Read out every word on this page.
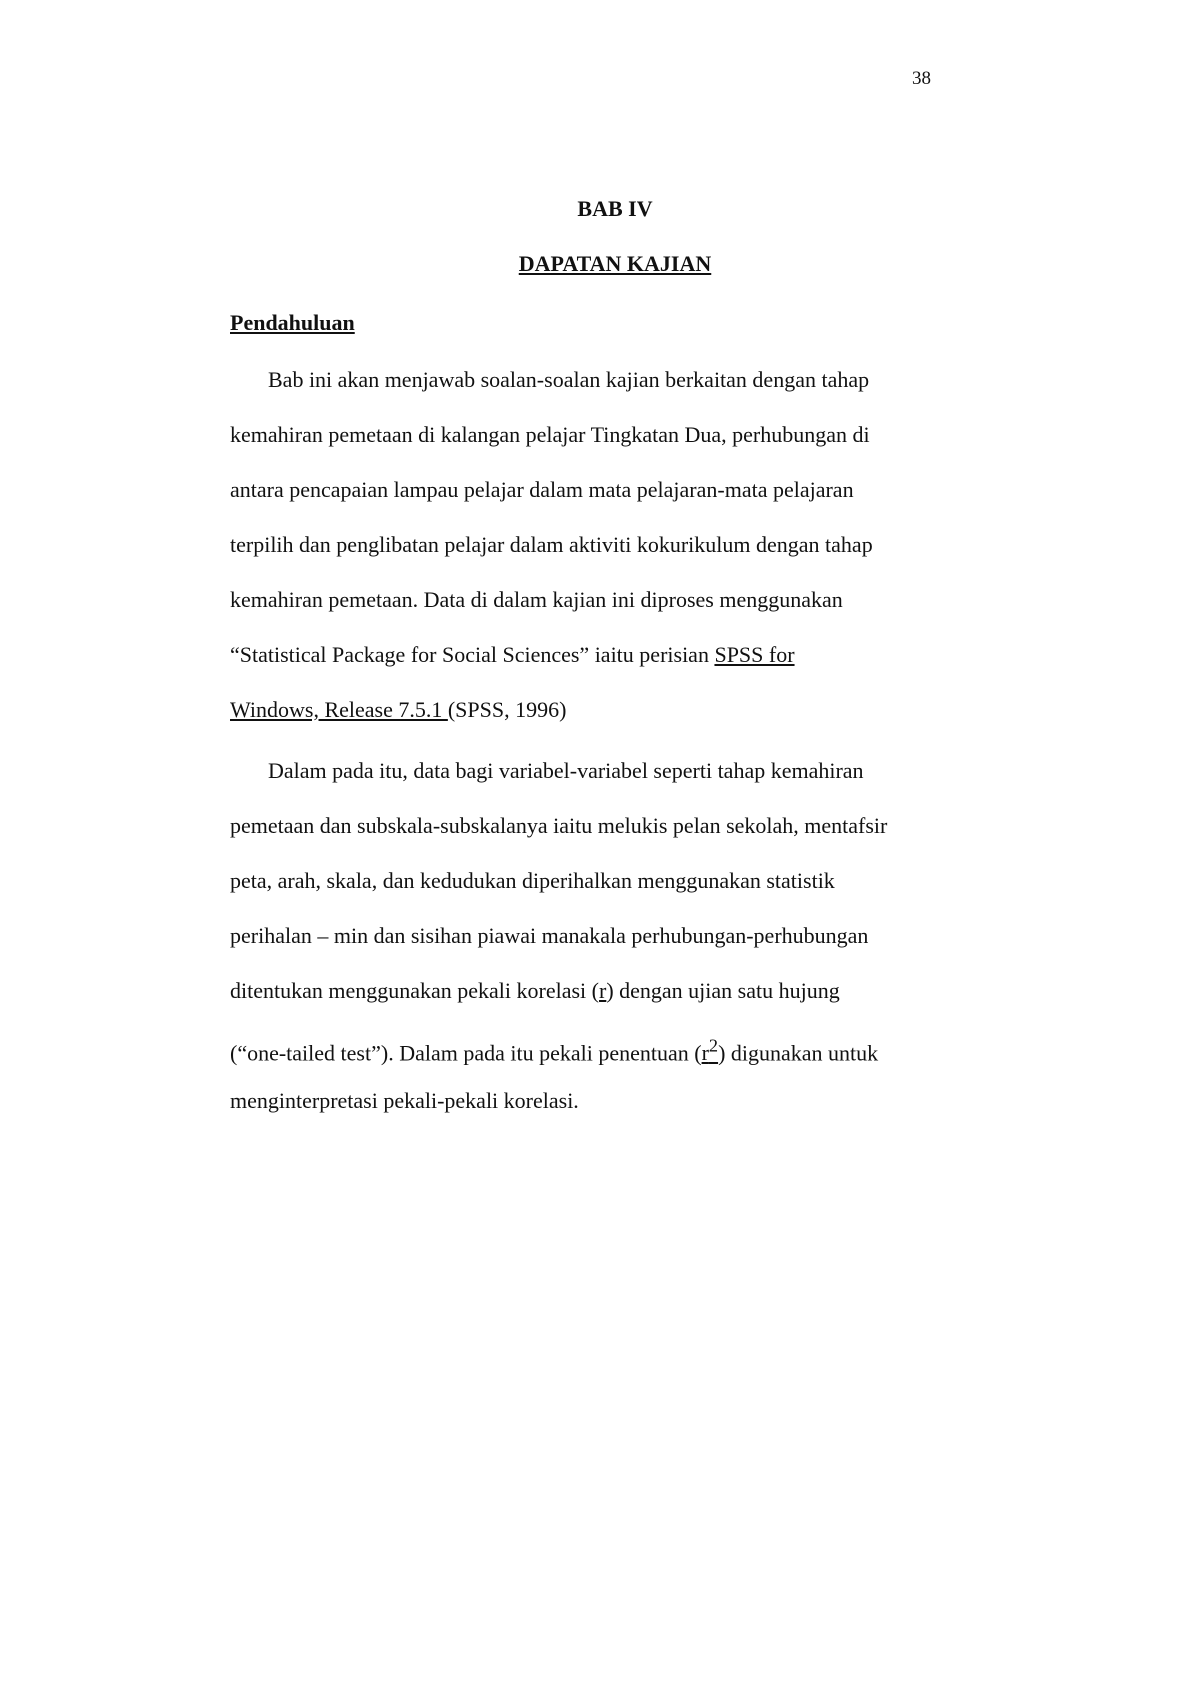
38
BAB IV
DAPATAN KAJIAN
Pendahuluan
Bab ini akan menjawab soalan-soalan kajian berkaitan dengan tahap
kemahiran pemetaan di kalangan pelajar Tingkatan Dua, perhubungan di
antara pencapaian lampau pelajar dalam mata pelajaran-mata pelajaran
terpilih dan penglibatan pelajar dalam aktiviti kokurikulum dengan tahap
kemahiran pemetaan. Data di dalam kajian ini diproses menggunakan
“Statistical Package for Social Sciences” iaitu perisian SPSS for
Windows, Release 7.5.1 (SPSS, 1996)
Dalam pada itu, data bagi variabel-variabel seperti tahap kemahiran
pemetaan dan subskala-subskalanya iaitu melukis pelan sekolah, mentafsir
peta, arah, skala, dan kedudukan diperihalkan menggunakan statistik
perihalan – min dan sisihan piawai manakala perhubungan-perhubungan
ditentukan menggunakan pekali korelasi (r) dengan ujian satu hujung
(“one-tailed test”). Dalam pada itu pekali penentuan $(r^2)$ digunakan untuk
menginterpretasi pekali-pekali korelasi.
